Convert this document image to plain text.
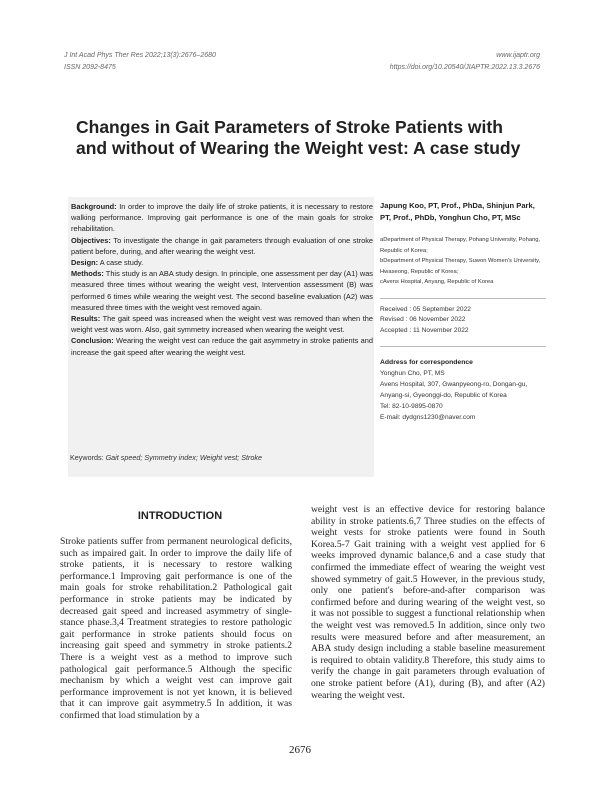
J Int Acad Phys Ther Res 2022;13(3):2676–2680
ISSN 2092-8475
www.ijaptr.org
https://doi.org/10.20540/JIAPTR.2022.13.3.2676
Changes in Gait Parameters of Stroke Patients with and without of Wearing the Weight vest: A case study

Background: In order to improve the daily life of stroke patients, it is necessary to restore walking performance. Improving gait performance is one of the main goals for stroke rehabilitation.

Objectives: To investigate the change in gait parameters through evaluation of one stroke patient before, during, and after wearing the weight vest.

Design: A case study.

Methods: This study is an ABA study design. In principle, one assessment per day (A1) was measured three times without wearing the weight vest, Intervention assessment (B) was performed 6 times while wearing the weight vest. The second baseline evaluation (A2) was measured three times with the weight vest removed again.

Results: The gait speed was increased when the weight vest was removed than when the weight vest was worn. Also, gait symmetry increased when wearing the weight vest.

Conclusion: Wearing the weight vest can reduce the gait asymmetry in stroke patients and increase the gait speed after wearing the weight vest.

Keywords: Gait speed; Symmetry index; Weight vest; Stroke
Japung Koo, PT, Prof., PhDa, Shinjun Park, PT, Prof., PhDb, Yonghun Cho, PT, MSc
aDepartment of Physical Therapy, Pohang University, Pohang, Republic of Korea;
bDepartment of Physical Therapy, Suwon Women's University, Hwaseong, Republic of Korea;
cAvens Hospital, Anyang, Republic of Korea
Received : 05 September 2022
Revised : 06 November 2022
Accepted : 11 November 2022
Address for correspondence
Yonghun Cho, PT, MS
Avens Hospital, 307, Gwanpyeong-ro, Dongan-gu, Anyang-si, Gyeonggi-do, Republic of Korea
Tel: 82-10-9895-0870
E-mail: dydgns1230@naver.com
INTRODUCTION

Stroke patients suffer from permanent neurological deficits, such as impaired gait. In order to improve the daily life of stroke patients, it is necessary to restore walking performance.1 Improving gait performance is one of the main goals for stroke rehabilitation.2 Pathological gait performance in stroke patients may be indicated by decreased gait speed and increased asymmetry of single-stance phase.3,4 Treatment strategies to restore pathologic gait performance in stroke patients should focus on increasing gait speed and symmetry in stroke patients.2 There is a weight vest as a method to improve such pathological gait performance.5 Although the specific mechanism by which a weight vest can improve gait performance improvement is not yet known, it is believed that it can improve gait asymmetry.5 In addition, it was confirmed that load stimulation by a

weight vest is an effective device for restoring balance ability in stroke patients.6,7 Three studies on the effects of weight vests for stroke patients were found in South Korea.5-7 Gait training with a weight vest applied for 6 weeks improved dynamic balance,6 and a case study that confirmed the immediate effect of wearing the weight vest showed symmetry of gait.5 However, in the previous study, only one patient's before-and-after comparison was confirmed before and during wearing of the weight vest, so it was not possible to suggest a functional relationship when the weight vest was removed.5 In addition, since only two results were measured before and after measurement, an ABA study design including a stable baseline measurement is required to obtain validity.8 Therefore, this study aims to verify the change in gait parameters through evaluation of one stroke patient before (A1), during (B), and after (A2) wearing the weight vest.

2676
